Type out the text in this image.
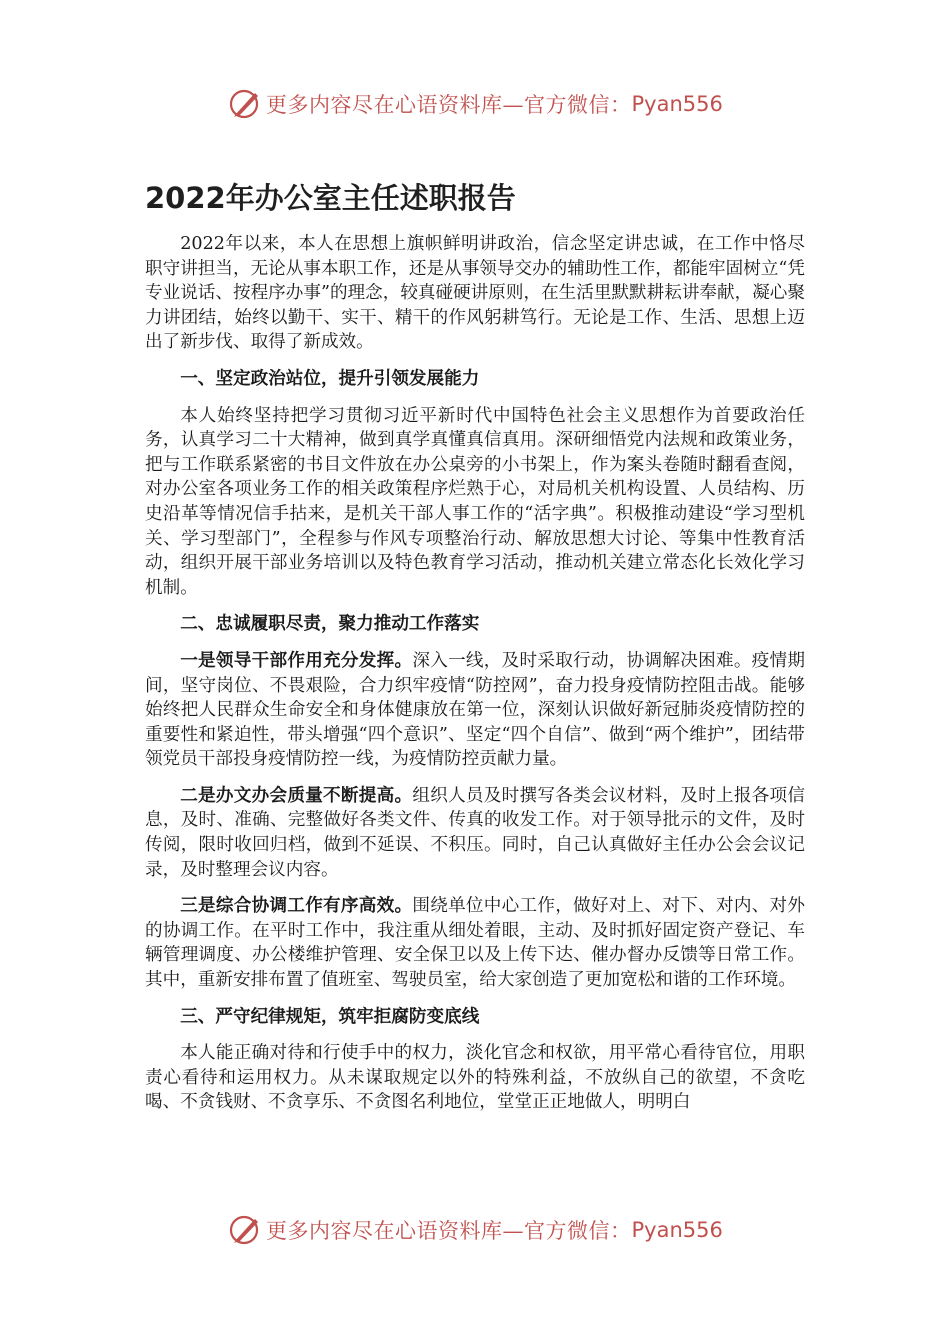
更多内容尽在心语资料库—官方微信： Pyan556
2022年办公室主任述职报告

2022年以来，本人在思想上旗帜鲜明讲政治，信念坚定讲忠诚，在工作中恪尽职守讲担当，无论从事本职工作，还是从事领导交办的辅助性工作，都能牢固树立“凭专业说话、按程序办事”的理念，较真碰硬讲原则，在生活里默默耕耘讲奉献，凝心聚力讲团结，始终以勤干、实干、精干的作风躬耕笃行。无论是工作、生活、思想上迈出了新步伐、取得了新成效。

一、坚定政治站位，提升引领发展能力

本人始终坚持把学习贯彻习近平新时代中国特色社会主义思想作为首要政治任务，认真学习二十大精神，做到真学真懂真信真用。深研细悟党内法规和政策业务，把与工作联系紧密的书目文件放在办公桌旁的小书架上，作为案头卷随时翻看查阅，对办公室各项业务工作的相关政策程序烂熟于心，对局机关机构设置、人员结构、历史沿革等情况信手拈来，是机关干部人事工作的“活字典”。积极推动建设“学习型机关、学习型部门”，全程参与作风专项整治行动、解放思想大讨论、等集中性教育活动，组织开展干部业务培训以及特色教育学习活动，推动机关建立常态化长效化学习机制。

二、忠诚履职尽责，聚力推动工作落实

一是领导干部作用充分发挥。深入一线，及时采取行动，协调解决困难。疫情期间，坚守岗位、不畏艰险，合力织牢疫情“防控网”，奋力投身疫情防控阻击战。能够始终把人民群众生命安全和身体健康放在第一位，深刻认识做好新冠肺炎疫情防控的重要性和紧迫性，带头增强“四个意识”、坚定“四个自信”、做到“两个维护”，团结带领党员干部投身疫情防控一线，为疫情防控贡献力量。

二是办文办会质量不断提高。组织人员及时撰写各类会议材料，及时上报各项信息，及时、准确、完整做好各类文件、传真的收发工作。对于领导批示的文件，及时传阅，限时收回归档，做到不延误、不积压。同时，自己认真做好主任办公会会议记录，及时整理会议内容。

三是综合协调工作有序高效。围绕单位中心工作，做好对上、对下、对内、对外的协调工作。在平时工作中，我注重从细处着眼，主动、及时抓好固定资产登记、车辆管理调度、办公楼维护管理、安全保卫以及上传下达、催办督办反馈等日常工作。其中，重新安排布置了值班室、驾驶员室，给大家创造了更加宽松和谐的工作环境。

三、严守纪律规矩，筑牢拒腐防变底线

本人能正确对待和行使手中的权力，淡化官念和权欲，用平常心看待官位，用职责心看待和运用权力。从未谋取规定以外的特殊利益，不放纵自己的欲望，不贪吃喝、不贪钱财、不贪享乐、不贪图名利地位，堂堂正正地做人，明明白

更多内容尽在心语资料库—官方微信： Pyan556
